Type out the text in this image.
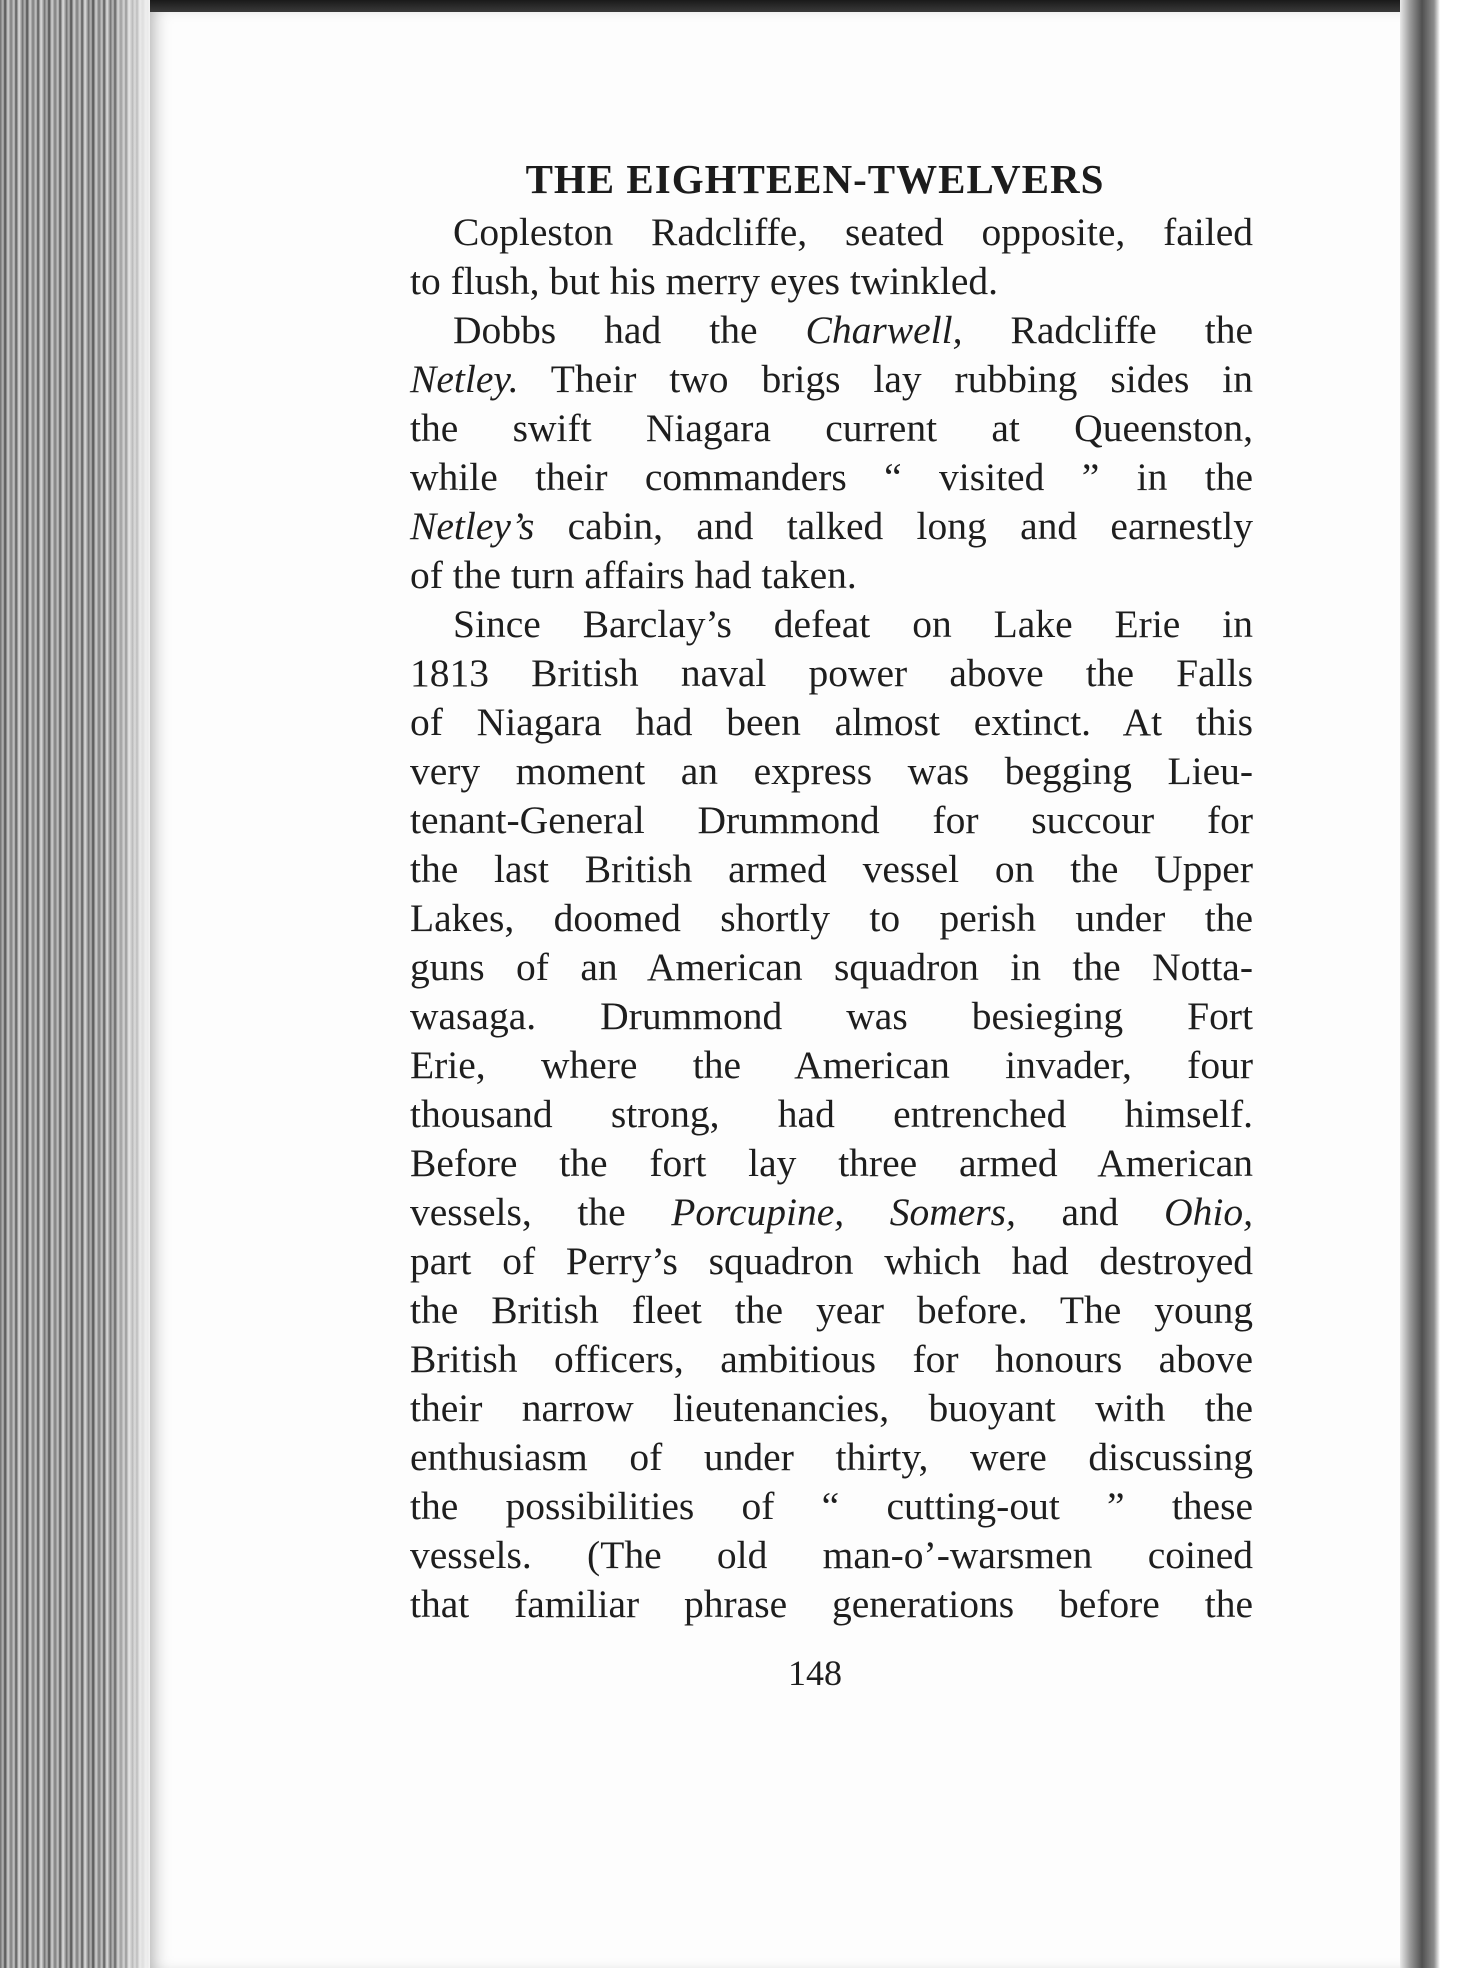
THE EIGHTEEN-TWELVERS
Copleston Radcliffe, seated opposite, failed
to flush, but his merry eyes twinkled.
Dobbs had the Charwell, Radcliffe the
Netley. Their two brigs lay rubbing sides in
the swift Niagara current at Queenston,
while their commanders “ visited ” in the
Netley’s cabin, and talked long and earnestly
of the turn affairs had taken.
Since Barclay’s defeat on Lake Erie in
1813 British naval power above the Falls
of Niagara had been almost extinct. At this
very moment an express was begging Lieu-
tenant-General Drummond for succour for
the last British armed vessel on the Upper
Lakes, doomed shortly to perish under the
guns of an American squadron in the Notta-
wasaga. Drummond was besieging Fort
Erie, where the American invader, four
thousand strong, had entrenched himself.
Before the fort lay three armed American
vessels, the Porcupine, Somers, and Ohio,
part of Perry’s squadron which had destroyed
the British fleet the year before. The young
British officers, ambitious for honours above
their narrow lieutenancies, buoyant with the
enthusiasm of under thirty, were discussing
the possibilities of “ cutting-out ” these
vessels. (The old man-o’-warsmen coined
that familiar phrase generations before the
148
